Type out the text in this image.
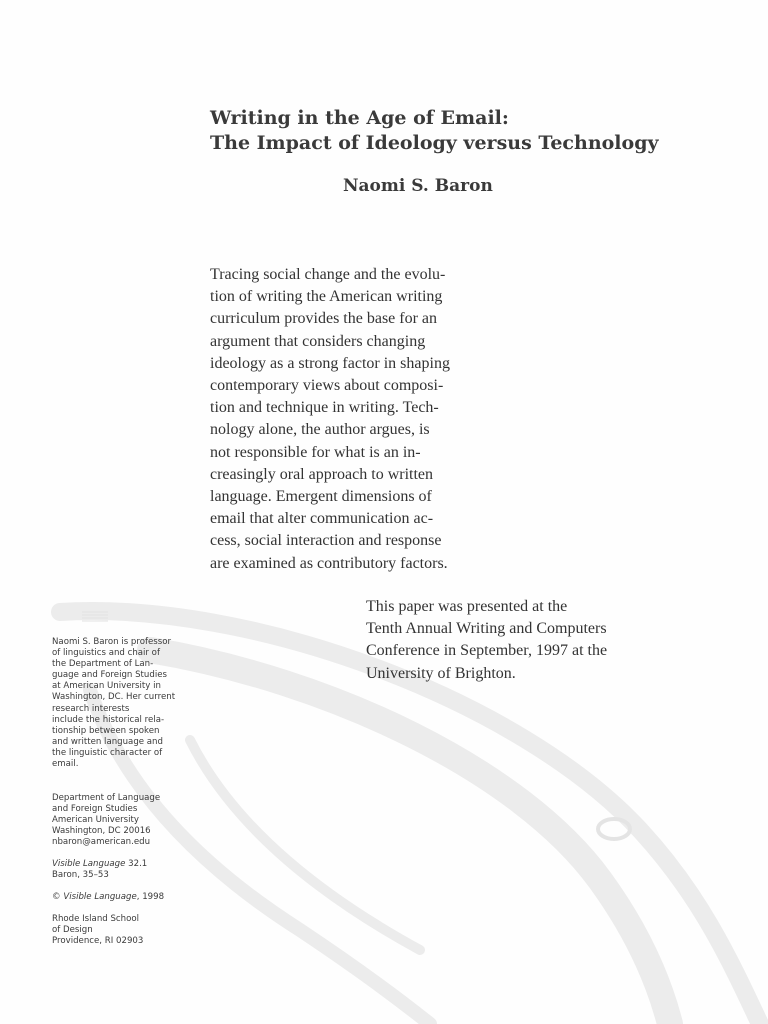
Writing in the Age of Email:
The Impact of Ideology versus Technology

Naomi S. Baron

Tracing social change and the evolu-
tion of writing the American writing
curriculum provides the base for an
argument that considers changing
ideology as a strong factor in shaping
contemporary views about composi-
tion and technique in writing. Tech-
nology alone, the author argues, is
not responsible for what is an in-
creasingly oral approach to written
language. Emergent dimensions of
email that alter communication ac-
cess, social interaction and response
are examined as contributory factors.

This paper was presented at the
Tenth Annual Writing and Computers
Conference in September, 1997 at the
University of Brighton.

Naomi S. Baron is professor
of linguistics and chair of
the Department of Lan-
guage and Foreign Studies
at American University in
Washington, DC. Her current
research interests
include the historical rela-
tionship between spoken
and written language and
the linguistic character of
email.

Department of Language
and Foreign Studies
American University
Washington, DC 20016
nbaron@american.edu

Visible Language 32.1
Baron, 35–53

© Visible Language, 1998

Rhode Island School
of Design
Providence, RI 02903
